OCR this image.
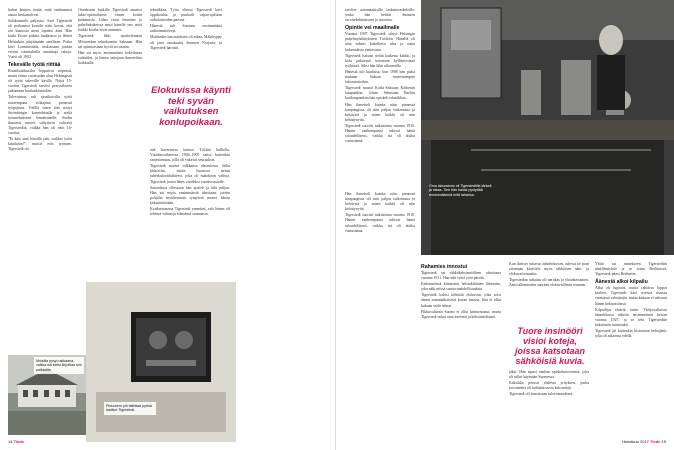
halusi kenties tietää, mitä vanhemmat aiasta keskustelivat.

Salakuuntelu paljastui. Axel Tigerstedt oli poikaansa kuvulle näin kovaa, että oss kuutosta meni lopuksi ääni. Hän käski Ericin pakata laukkunsa ja lähteä Helsinkiin pärjäämään omillaan. Poika kävi Lonmuistiala, taskussaan jonkin verran rotaniukulla ansaittuja rahoja. Vuosi oli 1902.

Tekevälle työtä riittää

Rotanloukkuraha loppuivat nopeasti, mutta viime vuosisadan alun Helsingissä oli työtä tekeville käsille. Nöitä 15-vuotias Tigerstedt tarvitsi pestytäkseen jatkamaan koulunkäyntiään.

Tulevaisuus tuli ajoaikoisilla työtä nuorempana viilaajana pienessä työpajassa. Välillä sitten hän siirtyi Strömbergin konetehtaalle ja sieltä työmiehekseen lennättimelle. Stadin ikuisesti nuoret säilyttivät vahvasti Tigerstedtiä, vaikka hän oli vain 16-vuotias.

"Et käsi sinä kärsillä jätä, vaikket työtä käsitkään?", muisti eräs työmies. Tigerstedt oli.

Onnekseen kaikille Tigerstedt ansaitsi lukio-opintoihinsa ennen kotiin palaamista. Lähes vuosi lennätin- ja puhelinkokeissa antoi hänelle sen, mitä kaikki koulut eivät antaneet.

Tigerstedt lähti opiskelemaan Mittweidan teknikumiin Saksaan. Hän sai opinnoistaan hyvät arvosanat.

Hän sai myös ensimmäiset kokeilunsa valmiiksi, ja hänen taitojaan ihmeteltiin kaikkialla.

tekniikkaa. Työn ohessa Tigerstedt kävi oppikoulua ja puuhaili vapaa-ajallaan radiolaitteiden parissa.

Hänestä tuli Suomen ensimmäisiä radioamatöörejä.

Muihinkin harrastuksiin oli aikaa. Mäkihyppy oli jaari omaksuttu Suomen Norjasta, ja Tigerstedt harrasti.

Elokuvissa käynti teki syvän vaikutuksen konlupoikaan.

sitä kaveriensa kanssa Töölön kalliolla. Vuodenvaihteessa 1904–1905 sattui kuitenkin onnettomuus, jolla oli vakavat seuraukset.

Tigerstedt murtui nilkkansa alastulossa. Jalka kiskottiin, mutta huonosti tarttui tuberkuloosibakteeri, jolta oli mahdoton välttyä. Tigerstedt joutui lähes vuodeksi vuodeosastolle.

Sairaalassa ollessaan hän ajatteli ja luki paljon. Hän sai myös ensimmäisiä ideoitaan, joiden pohjalta myöhemmin syntyivät monet hänen keksinnöistään.

Kotikartanossa Tigerstedt ymmärsi, että hänen oli tehtävä valintoja elämänsä suunnasta.

Muistila pysyi rakkaana, vaikka isä kielsi kirjoittaa sen paikkeille.
Pikkunero piti tallettaa pyrkiä laatikot Tigerstedt.
14 Tiede

tarvitse automaattisille laskantoaskeleille, jonka hän kehitti Suomen tavoitekehitukseen jo nuorena.

Opintie vei maailmalle

Vuonna 1907 Tigerstedt siirtyi Helsingin puhelinyhdistykseen Töölöön. Hänellä oli aina valmis kokeiltava idea ja uusia kokemuksia jaettavana.

Tigerstedt haluasi tietää kaikesta kaikki, ja koki jatkuvasti kotonaan kyllästyvänsä työhönsä. Siksi hän lähti ulkomaille.

Hänestä tuli kuuluisa, kun 1908 hän pääsi mukaan Saksan tunnetuimpiin laboratorioihin.

Tigerstedt muutti Koski-Saksaan Köthenin kaupunkiin. Johan Sebastian Bachin kotikaupunkiin hän opiskeli tekniikkaa.

Hän ihmetteli kuinka näin pienessä kaupungissa oli niin paljon tutkimusta ja kehitystä ja miten kaikki oli niin kehittynyttä.

Tigerstedt suoritti tutkintonsa vuonna 1910. Hänen vanhempansa tukivat häntä taloudellisesti, vaikka isä oli aluksi vastustanut.

Hän ihmetteli kuinka näin pienessä kaupungissa oli niin paljon tutkimusta ja kehitystä ja miten kaikki oli niin kehittynyttä.

Tigerstedt suoritti tutkintonsa vuonna 1910. Hänen vanhempansa tukivat häntä taloudellisesti, vaikka isä oli aluksi vastustanut.

Oma laboratorio oli Tigerstedtille tärkeä ja rakas. Sen hän halusi pystyttää ensimmäisenä mitä tahansa.
Rahamies innostui

Tigerstedt sai sähkökeksinnöilleen rahoitusta vuonna 1911. Hän teki työtä yötä päivää.

Keksinnöistä kiinnostui helsinkiläinen liikemies, joka näki niissä suuria mahdollisuuksia.

Tigerstedt halusi kehittää elokuvan, joka soisi äänen samanaikaisesti kuvan kanssa. Sitä ei ollut kukaan vielä tehnyt.

Pikkuvaltiona Suomi ei ollut kiinnostunut, mutta Tigerstedt uskoi aina itseensä ja keksinnöihinsä.

Kun ilmiset tuttavat äänielokuvan, tulevat he pian ottamaan käyttöön myös sähköisen ääni- ja elokuvaformaatin.

Tigerstedtin ratkaisu oli nerokas ja yksinkertainen. Ääni tallennettiin suoraan elokuvafilmin reunaan.

Tuore insinööri visioi koteja, joissa katsotaan sähköisiä kuvia.

jäksi. Hän tapasi vanhan opiskelutoverinsa, joka oli tullut käymään Suomessa.

Kaksikko perusti yhdessä yrityksen, jonka tavoitteena oli kehittää uusia keksintöjä.

Tigerstedt oli innoissaan tulevaisuudesta.

Yhtiö sai nimekseen Tigerstedtin äänifilmiyhtiö ja se toimi Berliinissä. Tigerstedt pääsi Berliiniin.

Äänestä alkoi kilpailu

Alku oli lupaava, mutta rahoitus loppui kesken. Tigerstedt kävi useissa maissa etsimässä rahoittajia, mutta kukaan ei uskonut hänen keksintöönsä.

Kilpailijat ehtivät ensin. Yhdysvalloissa äänielokuva nähtiin ensimmäisen kerran vuonna 1927, ja se teki Tigerstedtin keksinnön tunnetuksi.

Tigerstedt jäi kuitenkin historiaan keksijänä, joka oli aikaansa edellä.

Heinäkuu 2017 Tiede 15
